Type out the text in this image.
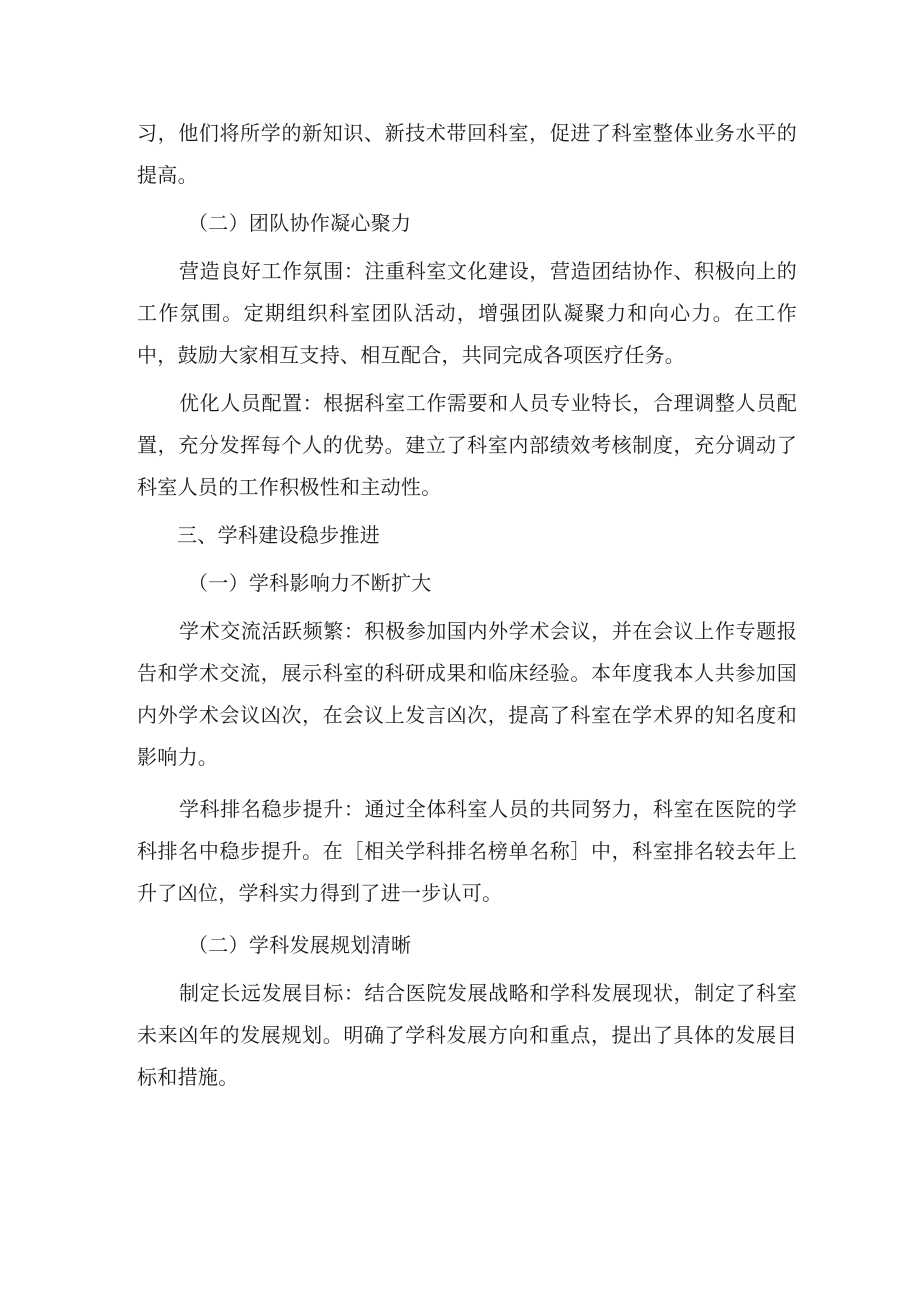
习，他们将所学的新知识、新技术带回科室，促进了科室整体业务水平的提高。

（二）团队协作凝心聚力

营造良好工作氛围：注重科室文化建设，营造团结协作、积极向上的工作氛围。定期组织科室团队活动，增强团队凝聚力和向心力。在工作中，鼓励大家相互支持、相互配合，共同完成各项医疗任务。

优化人员配置：根据科室工作需要和人员专业特长，合理调整人员配置，充分发挥每个人的优势。建立了科室内部绩效考核制度，充分调动了科室人员的工作积极性和主动性。

三、学科建设稳步推进

（一）学科影响力不断扩大

学术交流活跃频繁：积极参加国内外学术会议，并在会议上作专题报告和学术交流，展示科室的科研成果和临床经验。本年度我本人共参加国内外学术会议凶次，在会议上发言凶次，提高了科室在学术界的知名度和影响力。

学科排名稳步提升：通过全体科室人员的共同努力，科室在医院的学科排名中稳步提升。在［相关学科排名榜单名称］中，科室排名较去年上升了凶位，学科实力得到了进一步认可。

（二）学科发展规划清晰

制定长远发展目标：结合医院发展战略和学科发展现状，制定了科室未来凶年的发展规划。明确了学科发展方向和重点，提出了具体的发展目标和措施。
